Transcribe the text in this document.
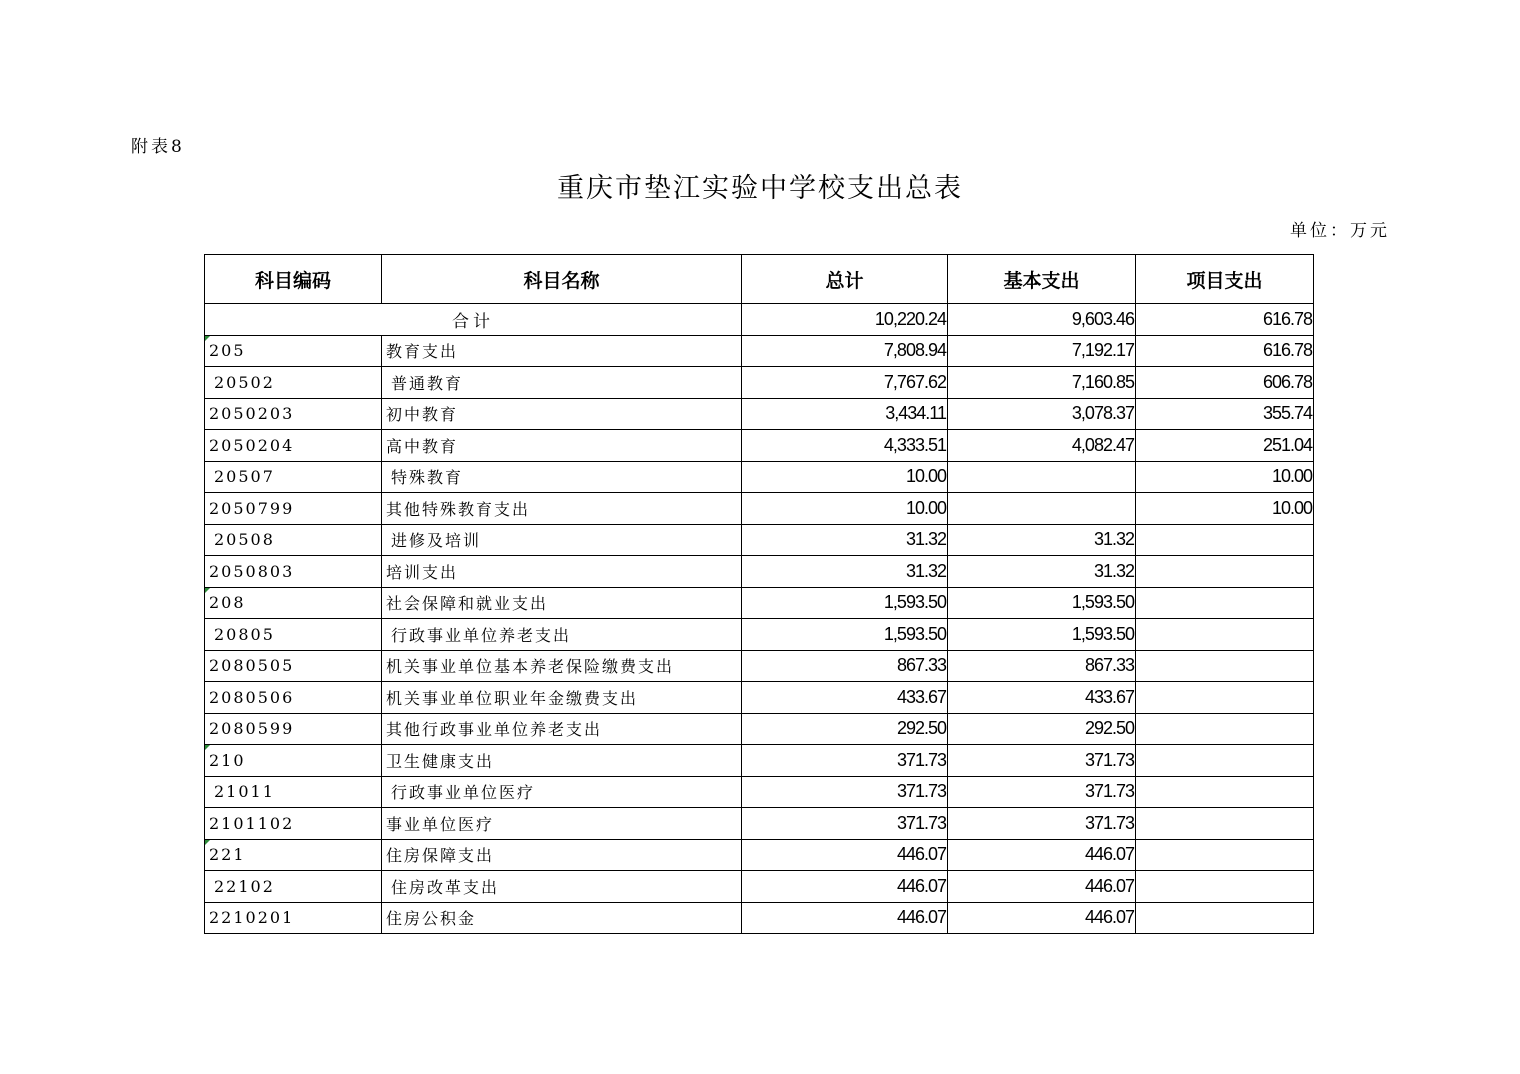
附表8
重庆市垫江实验中学校支出总表
单位：万元
科目编码	科目名称	总计	基本支出	项目支出
合计		10,220.24	9,603.46	616.78
205	教育支出	7,808.94	7,192.17	616.78
20502	普通教育	7,767.62	7,160.85	606.78
2050203	初中教育	3,434.11	3,078.37	355.74
2050204	高中教育	4,333.51	4,082.47	251.04
20507	特殊教育	10.00		10.00
2050799	其他特殊教育支出	10.00		10.00
20508	进修及培训	31.32	31.32	
2050803	培训支出	31.32	31.32	
208	社会保障和就业支出	1,593.50	1,593.50	
20805	行政事业单位养老支出	1,593.50	1,593.50	
2080505	机关事业单位基本养老保险缴费支出	867.33	867.33	
2080506	机关事业单位职业年金缴费支出	433.67	433.67	
2080599	其他行政事业单位养老支出	292.50	292.50	
210	卫生健康支出	371.73	371.73	
21011	行政事业单位医疗	371.73	371.73	
2101102	事业单位医疗	371.73	371.73	
221	住房保障支出	446.07	446.07	
22102	住房改革支出	446.07	446.07	
2210201	住房公积金	446.07	446.07	
